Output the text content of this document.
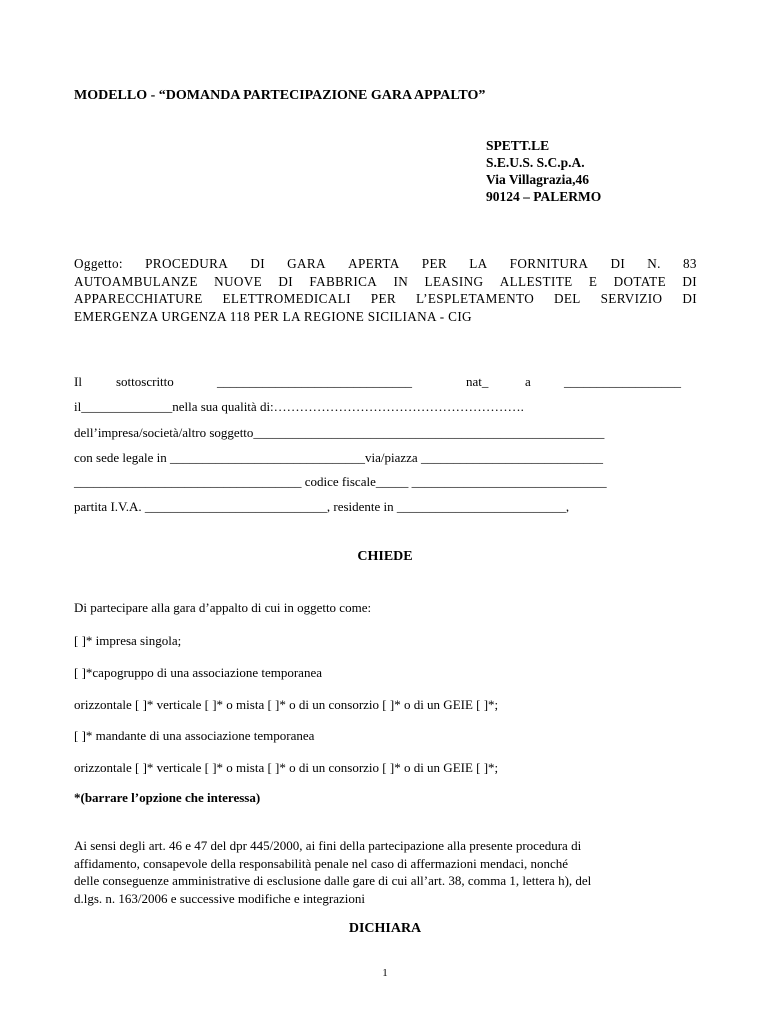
MODELLO - “DOMANDA PARTECIPAZIONE GARA APPALTO”
SPETT.LE
S.E.U.S. S.C.p.A.
Via Villagrazia,46
90124 – PALERMO
Oggetto: PROCEDURA DI GARA APERTA PER LA FORNITURA DI N. 83
AUTOAMBULANZE NUOVE DI FABBRICA IN LEASING ALLESTITE E DOTATE DI
APPARECCHIATURE ELETTROMEDICALI PER L’ESPLETAMENTO DEL SERVIZIO DI
EMERGENZA URGENZA 118 PER LA REGIONE SICILIANA - CIG
Il	sottoscritto	______________________________	nat_	a	__________________
il______________nella sua qualità di:………………………………………………….
dell’impresa/società/altro soggetto______________________________________________________
con sede legale in ______________________________via/piazza ____________________________
___________________________________ codice fiscale_____ ______________________________
partita I.V.A. ____________________________, residente in __________________________,
CHIEDE
Di partecipare alla gara d’appalto di cui in oggetto come:
[ ]* impresa singola;
[ ]*capogruppo di una associazione temporanea
orizzontale [ ]* verticale [ ]* o mista [ ]* o di un consorzio [ ]* o di un GEIE [ ]*;
[ ]* mandante di una associazione temporanea
orizzontale [ ]* verticale [ ]* o mista [ ]* o di un consorzio [ ]* o di un GEIE [ ]*;
*(barrare l’opzione che interessa)
Ai sensi degli art. 46 e 47 del dpr 445/2000, ai fini della partecipazione alla presente procedura di
affidamento, consapevole della responsabilità penale nel caso di affermazioni mendaci, nonché
delle conseguenze amministrative di esclusione dalle gare di cui all’art. 38, comma 1, lettera h), del
d.lgs. n. 163/2006 e successive modifiche e integrazioni
DICHIARA
1
